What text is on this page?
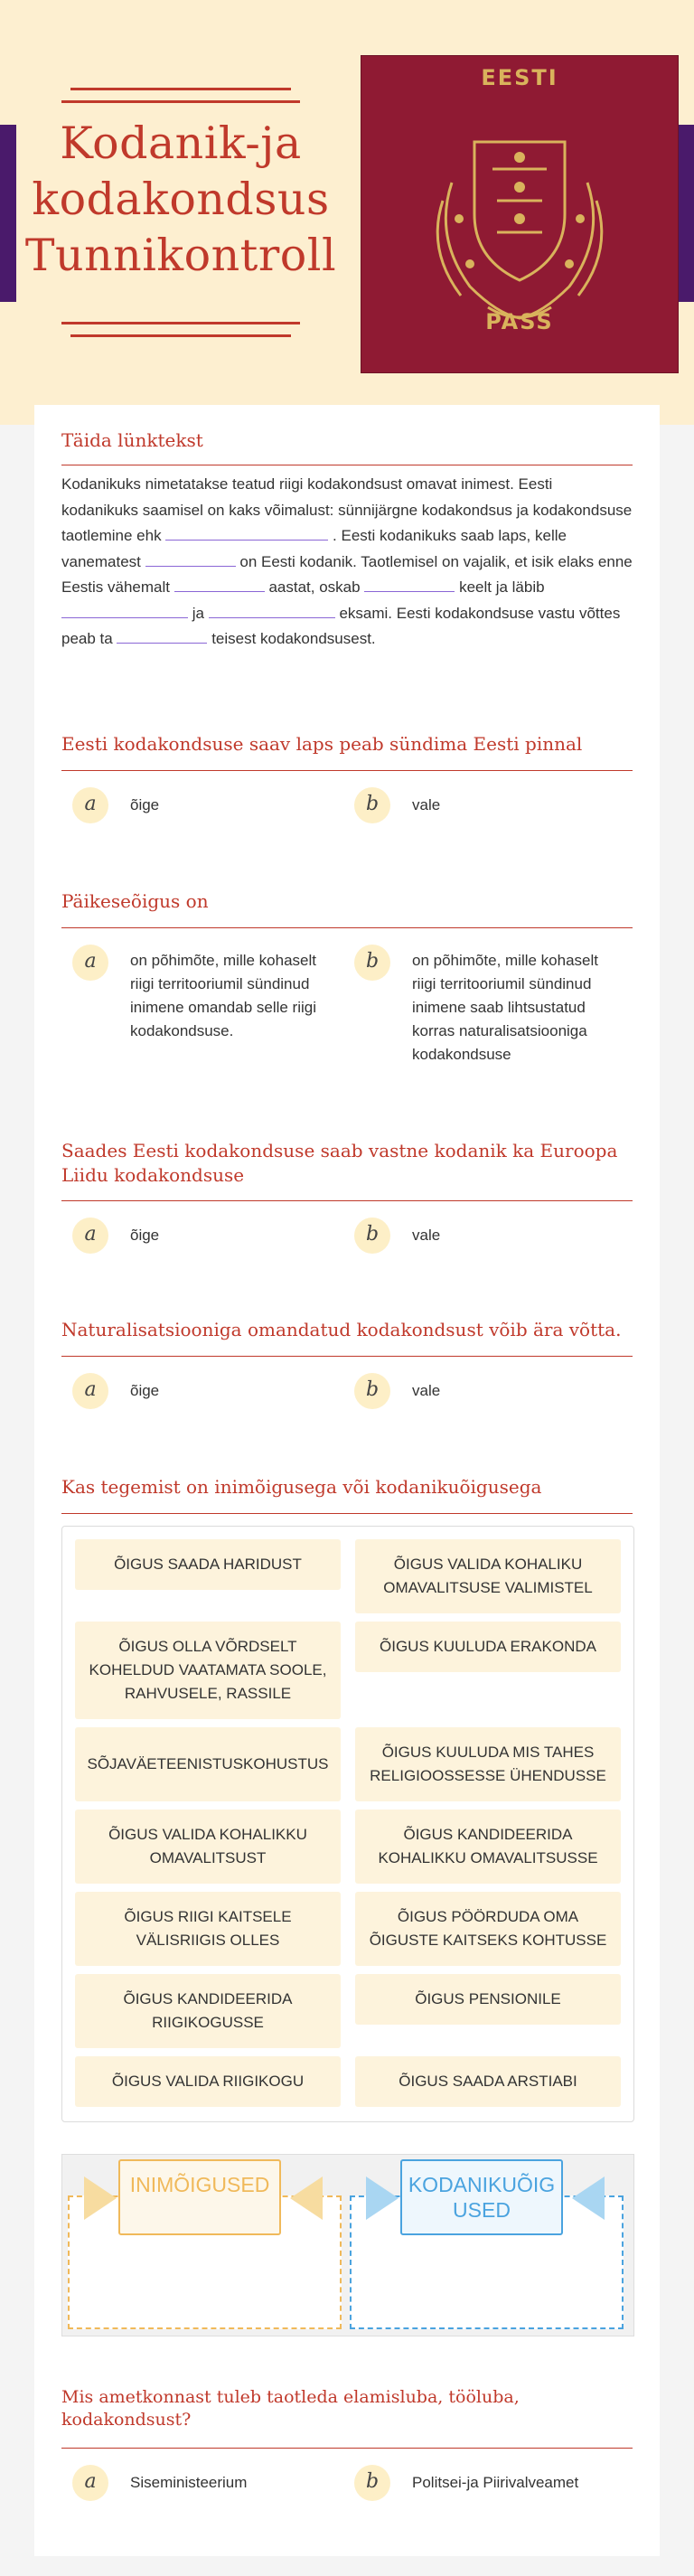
Kodanik-ja
kodakondsus
Tunnikontroll
EESTI
PASS
Täida lünktekst
Kodanikuks nimetatakse teatud riigi kodakondsust omavat inimest. Eesti kodanikuks saamisel on kaks võimalust: sünnijärgne kodakondsus ja kodakondsuse taotlemine ehk	. Eesti kodanikuks saab laps, kelle vanematest	on Eesti kodanik. Taotlemisel on vajalik, et isik elaks enne Eestis vähemalt	aastat, oskab	keelt ja läbib  ja	eksami. Eesti kodakondsuse vastu võttes peab ta	teisest kodakondsusest.
Eesti kodakondsuse saav laps peab sündima Eesti pinnal
a	õige	b	vale
Päikeseõigus on
a	on põhimõte, mille kohaselt riigi territooriumil sündinud inimene omandab selle riigi kodakondsuse.
b	on põhimõte, mille kohaselt riigi territooriumil sündinud inimene saab lihtsustatud korras naturalisatsiooniga kodakondsuse
Saades Eesti kodakondsuse saab vastne kodanik ka Euroopa Liidu kodakondsuse
a	õige	b	vale
Naturalisatsiooniga omandatud kodakondsust võib ära võtta.
a	õige	b	vale
Kas tegemist on inimõigusega või kodanikuõigusega
ÕIGUS SAADA HARIDUST	ÕIGUS VALIDA KOHALIKU OMAVALITSUSE VALIMISTEL
ÕIGUS OLLA VÕRDSELT KOHELDUD VAATAMATA SOOLE, RAHVUSELE, RASSILE
ÕIGUS KUULUDA ERAKONDA
SÕJAVÄETEENISTUSKOHUSTUS
ÕIGUS KUULUDA MIS TAHES RELIGIOOSSESSE ÜHENDUSSE
ÕIGUS VALIDA KOHALIKKU OMAVALITSUST
ÕIGUS KANDIDEERIDA KOHALIKKU OMAVALITSUSSE
ÕIGUS RIIGI KAITSELE VÄLISRIIGIS OLLES
ÕIGUS PÖÖRDUDA OMA ÕIGUSTE KAITSEKS KOHTUSSE
ÕIGUS KANDIDEERIDA RIIGIKOGUSSE
ÕIGUS PENSIONILE
ÕIGUS VALIDA RIIGIKOGU	ÕIGUS SAADA ARSTIABI
INIMÕIGUSED	KODANIKUÕIGUSED
Mis ametkonnast tuleb taotleda elamisluba, tööluba, kodakondsust?
a	Siseministeerium	b	Politsei-ja Piirivalveamet
